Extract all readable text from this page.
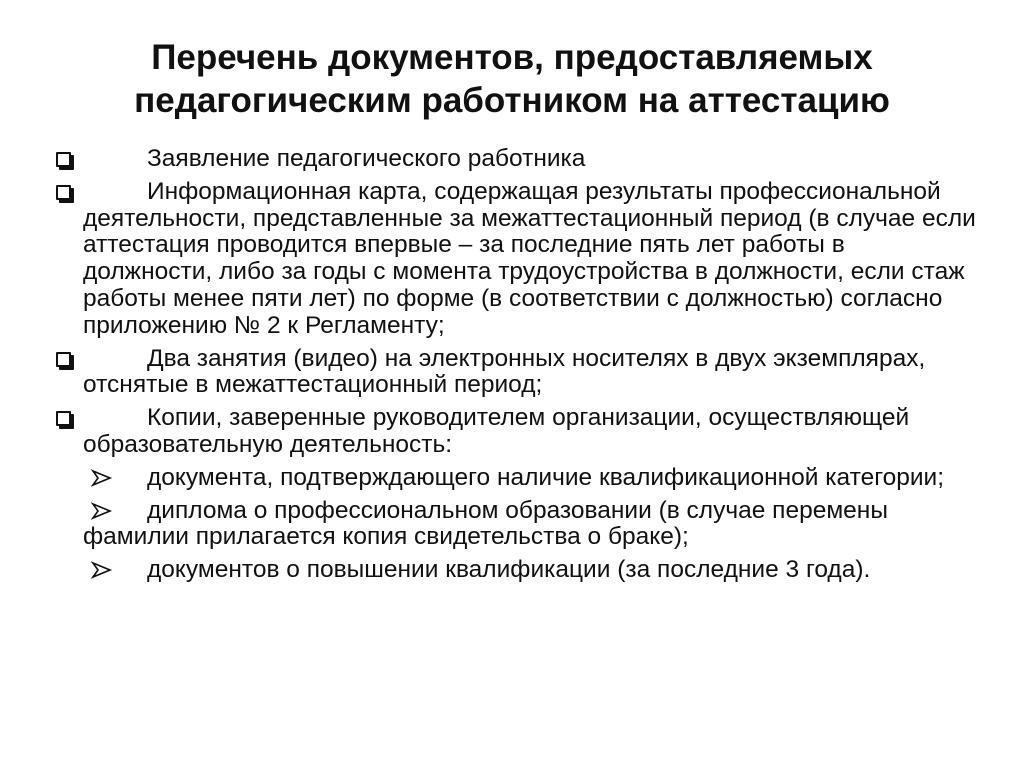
Перечень документов, предоставляемых
педагогическим работником на аттестацию
Заявление педагогического работника
Информационная карта, содержащая результаты профессиональной деятельности, представленные за межаттестационный период (в случае если аттестация проводится впервые – за последние пять лет работы в должности, либо за годы с момента трудоустройства в должности, если стаж работы менее пяти лет) по форме (в соответствии с должностью) согласно приложению № 2 к Регламенту;
Два занятия (видео) на электронных носителях в двух экземплярах, отснятые в межаттестационный период;
Копии, заверенные руководителем организации, осуществляющей образовательную деятельность:
документа, подтверждающего наличие квалификационной категории;
диплома о профессиональном образовании (в случае перемены фамилии прилагается копия свидетельства о браке);
документов о повышении квалификации (за последние 3 года).
